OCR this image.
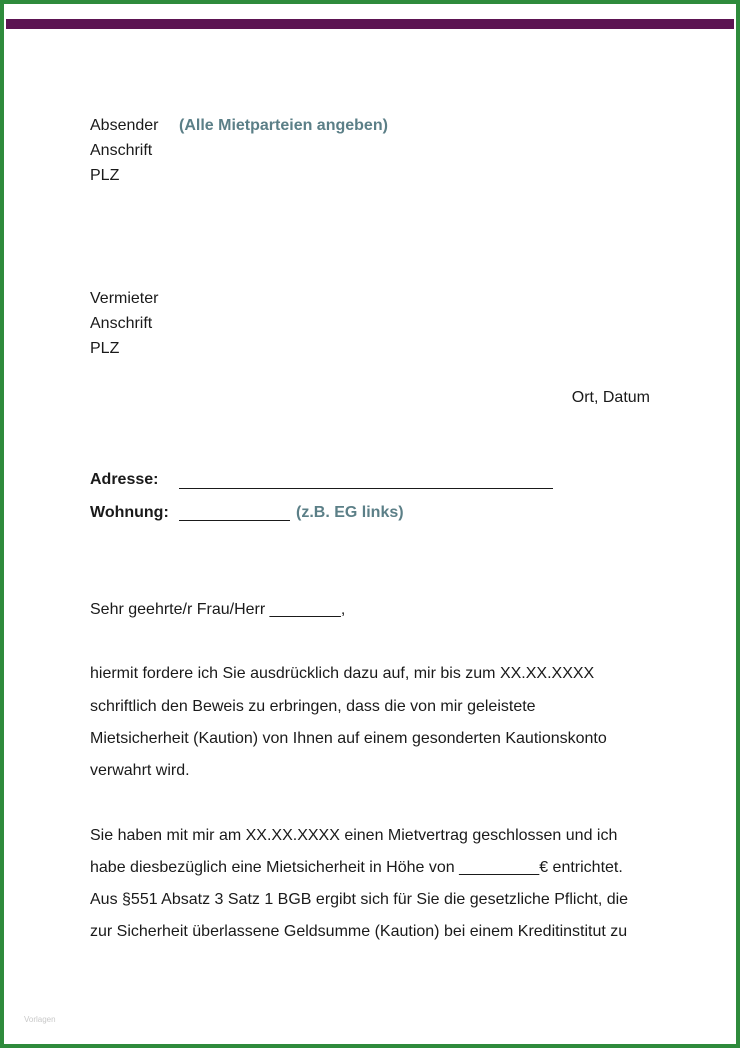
Absender (Alle Mietparteien angeben)
Anschrift
PLZ
Vermieter
Anschrift
PLZ
Ort, Datum
Adresse:
Wohnung:	(z.B. EG links)
Sehr geehrte/r Frau/Herr ________,
hiermit fordere ich Sie ausdrücklich dazu auf, mir bis zum XX.XX.XXXX
schriftlich den Beweis zu erbringen, dass die von mir geleistete
Mietsicherheit (Kaution) von Ihnen auf einem gesonderten Kautionskonto
verwahrt wird.
Sie haben mit mir am XX.XX.XXXX einen Mietvertrag geschlossen und ich
habe diesbezüglich eine Mietsicherheit in Höhe von _________€ entrichtet.
Aus §551 Absatz 3 Satz 1 BGB ergibt sich für Sie die gesetzliche Pflicht, die
zur Sicherheit überlassene Geldsumme (Kaution) bei einem Kreditinstitut zu
Vorlagen
